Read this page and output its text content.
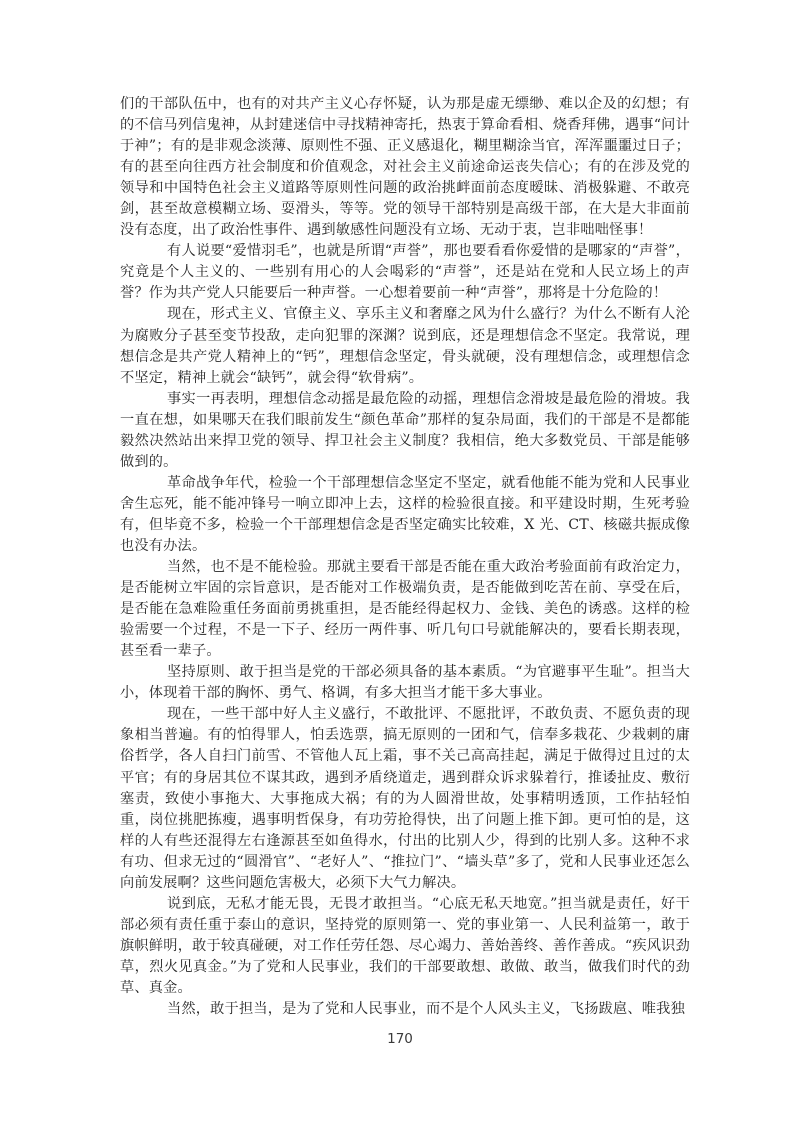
们的干部队伍中，也有的对共产主义心存怀疑，认为那是虚无缥缈、难以企及的幻想；有的不信马列信鬼神，从封建迷信中寻找精神寄托，热衷于算命看相、烧香拜佛，遇事“问计于神”；有的是非观念淡薄、原则性不强、正义感退化，糊里糊涂当官，浑浑噩噩过日子；有的甚至向往西方社会制度和价值观念，对社会主义前途命运丧失信心；有的在涉及党的领导和中国特色社会主义道路等原则性问题的政治挑衅面前态度暧昧、消极躲避、不敢亮剑，甚至故意模糊立场、耍滑头，等等。党的领导干部特别是高级干部，在大是大非面前没有态度，出了政治性事件、遇到敏感性问题没有立场、无动于衷，岂非咄咄怪事！

有人说要“爱惜羽毛”，也就是所谓“声誉”，那也要看看你爱惜的是哪家的“声誉”，究竟是个人主义的、一些别有用心的人会喝彩的“声誉”，还是站在党和人民立场上的声誉？作为共产党人只能要后一种声誉。一心想着要前一种“声誉”，那将是十分危险的！

现在，形式主义、官僚主义、享乐主义和奢靡之风为什么盛行？为什么不断有人沦为腐败分子甚至变节投敌，走向犯罪的深渊？说到底，还是理想信念不坚定。我常说，理想信念是共产党人精神上的“钙”，理想信念坚定，骨头就硬，没有理想信念，或理想信念不坚定，精神上就会“缺钙”，就会得“软骨病”。

事实一再表明，理想信念动摇是最危险的动摇，理想信念滑坡是最危险的滑坡。我一直在想，如果哪天在我们眼前发生“颜色革命”那样的复杂局面，我们的干部是不是都能毅然决然站出来捍卫党的领导、捍卫社会主义制度？我相信，绝大多数党员、干部是能够做到的。

革命战争年代，检验一个干部理想信念坚定不坚定，就看他能不能为党和人民事业舍生忘死，能不能冲锋号一响立即冲上去，这样的检验很直接。和平建设时期，生死考验有，但毕竟不多，检验一个干部理想信念是否坚定确实比较难，X 光、CT、核磁共振成像也没有办法。

当然，也不是不能检验。那就主要看干部是否能在重大政治考验面前有政治定力，是否能树立牢固的宗旨意识，是否能对工作极端负责，是否能做到吃苦在前、享受在后，是否能在急难险重任务面前勇挑重担，是否能经得起权力、金钱、美色的诱惑。这样的检验需要一个过程，不是一下子、经历一两件事、听几句口号就能解决的，要看长期表现，甚至看一辈子。

坚持原则、敢于担当是党的干部必须具备的基本素质。“为官避事平生耻”。担当大小，体现着干部的胸怀、勇气、格调，有多大担当才能干多大事业。

现在，一些干部中好人主义盛行，不敢批评、不愿批评，不敢负责、不愿负责的现象相当普遍。有的怕得罪人，怕丢选票，搞无原则的一团和气，信奉多栽花、少栽刺的庸俗哲学，各人自扫门前雪、不管他人瓦上霜，事不关己高高挂起，满足于做得过且过的太平官；有的身居其位不谋其政，遇到矛盾绕道走，遇到群众诉求躲着行，推诿扯皮、敷衍塞责，致使小事拖大、大事拖成大祸；有的为人圆滑世故，处事精明透顶，工作拈轻怕重，岗位挑肥拣瘦，遇事明哲保身，有功劳抢得快，出了问题上推下卸。更可怕的是，这样的人有些还混得左右逢源甚至如鱼得水，付出的比别人少，得到的比别人多。这种不求有功、但求无过的“圆滑官”、“老好人”、“推拉门”、“墙头草”多了，党和人民事业还怎么向前发展啊？这些问题危害极大，必须下大气力解决。

说到底，无私才能无畏，无畏才敢担当。“心底无私天地宽。”担当就是责任，好干部必须有责任重于泰山的意识，坚持党的原则第一、党的事业第一、人民利益第一，敢于旗帜鲜明，敢于较真碰硬，对工作任劳任怨、尽心竭力、善始善终、善作善成。“疾风识劲草，烈火见真金。”为了党和人民事业，我们的干部要敢想、敢做、敢当，做我们时代的劲草、真金。

当然，敢于担当，是为了党和人民事业，而不是个人风头主义，飞扬跋扈、唯我独

170
